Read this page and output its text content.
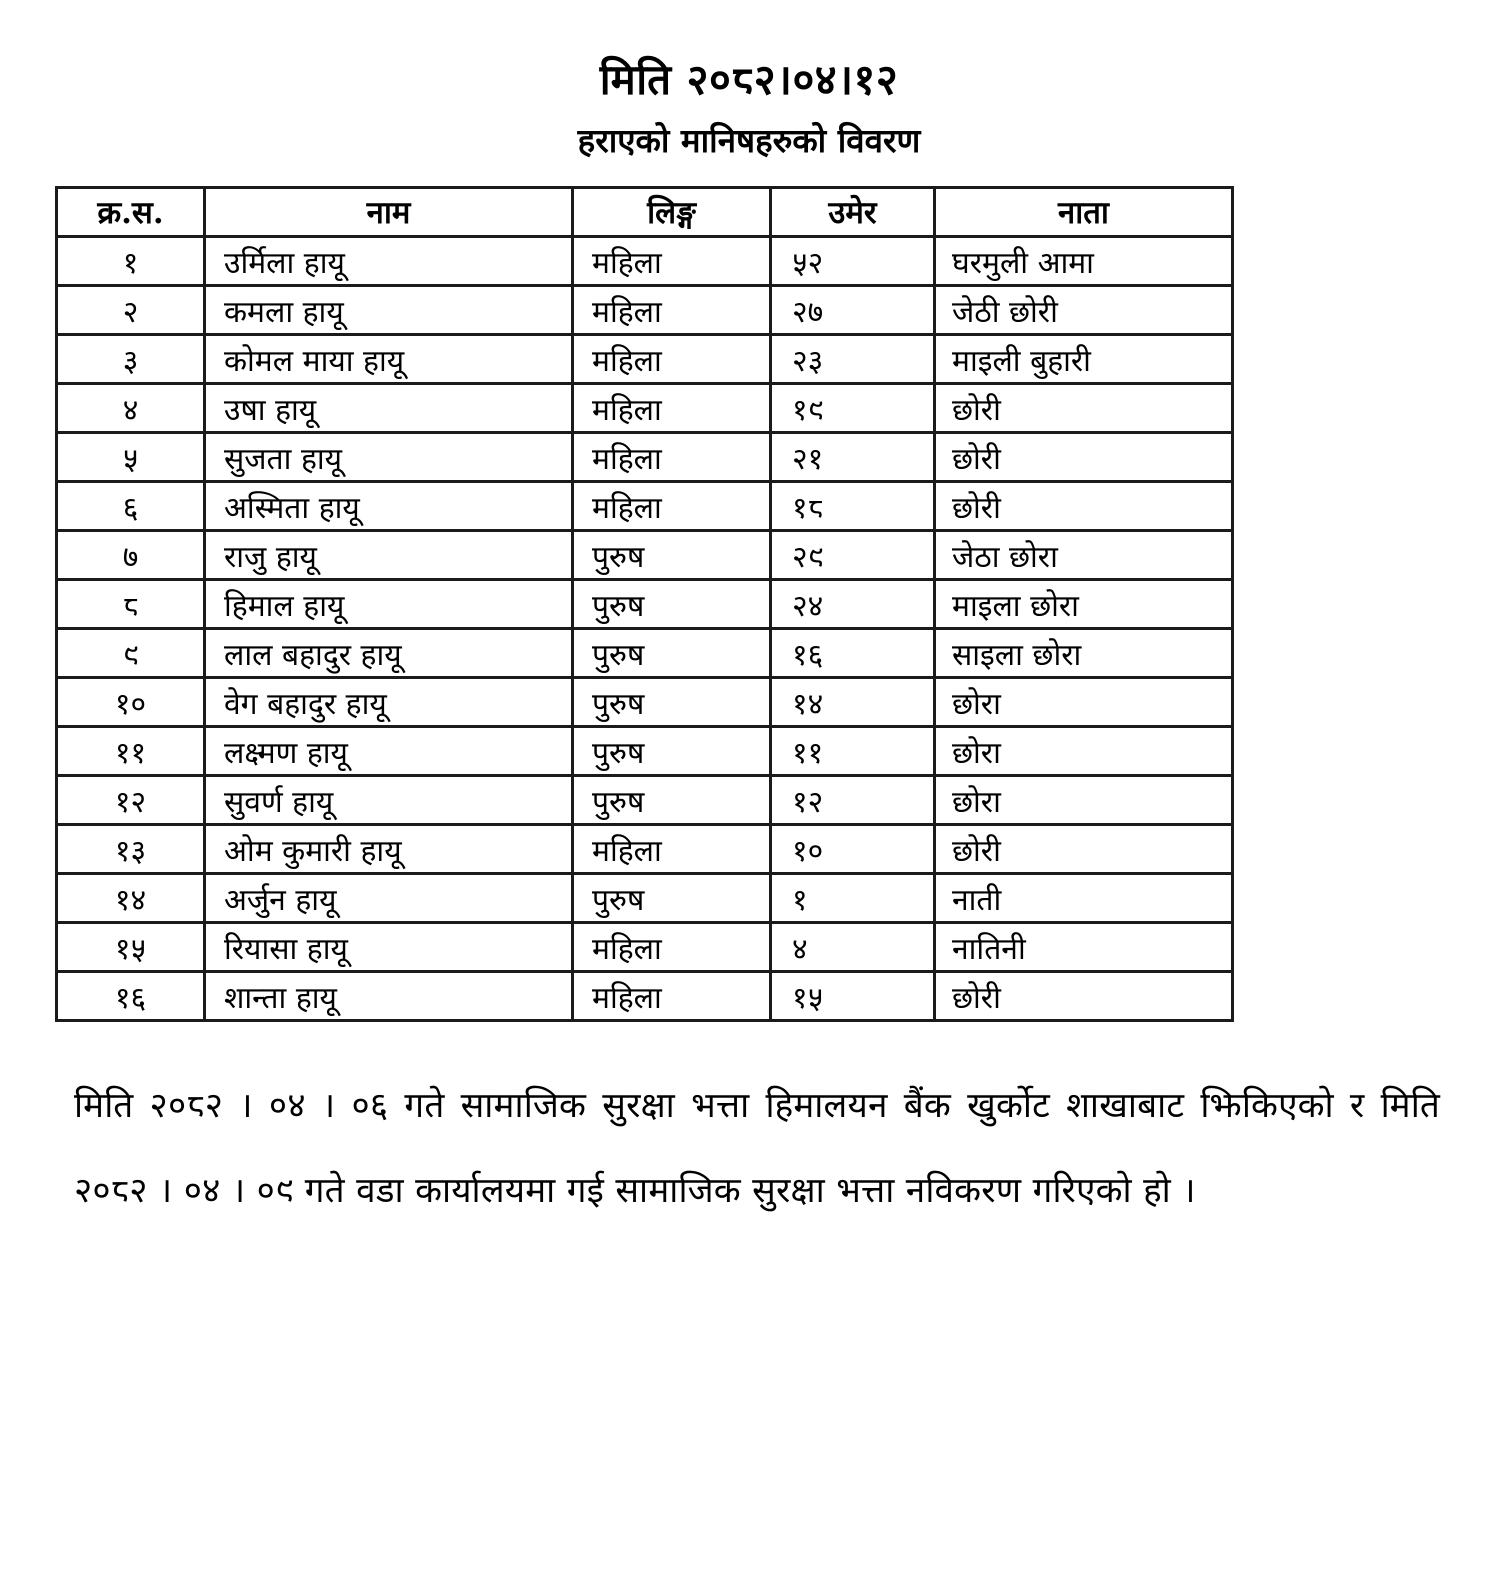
मिति २०८२।०४।१२
हराएको मानिषहरुको विवरण
क्र.स.	नाम	लिङ्ग	उमेर	नाता
१	उर्मिला हायू	महिला	५२	घरमुली आमा
२	कमला हायू	महिला	२७	जेठी छोरी
३	कोमल माया हायू	महिला	२३	माइली बुहारी
४	उषा हायू	महिला	१९	छोरी
५	सुजता हायू	महिला	२१	छोरी
६	अस्मिता हायू	महिला	१८	छोरी
७	राजु हायू	पुरुष	२९	जेठा छोरा
८	हिमाल हायू	पुरुष	२४	माइला छोरा
९	लाल बहादुर हायू	पुरुष	१६	साइला छोरा
१०	वेग बहादुर हायू	पुरुष	१४	छोरा
११	लक्ष्मण हायू	पुरुष	११	छोरा
१२	सुवर्ण हायू	पुरुष	१२	छोरा
१३	ओम कुमारी हायू	महिला	१०	छोरी
१४	अर्जुन हायू	पुरुष	१	नाती
१५	रियासा हायू	महिला	४	नातिनी
१६	शान्ता हायू	महिला	१५	छोरी

मिति २०८२ । ०४ । ०६ गते सामाजिक सुरक्षा भत्ता हिमालयन बैंक खुर्कोट शाखाबाट झिकिएको र मिति २०८२ । ०४ । ०९ गते वडा कार्यालयमा गई सामाजिक सुरक्षा भत्ता नविकरण गरिएको हो ।
